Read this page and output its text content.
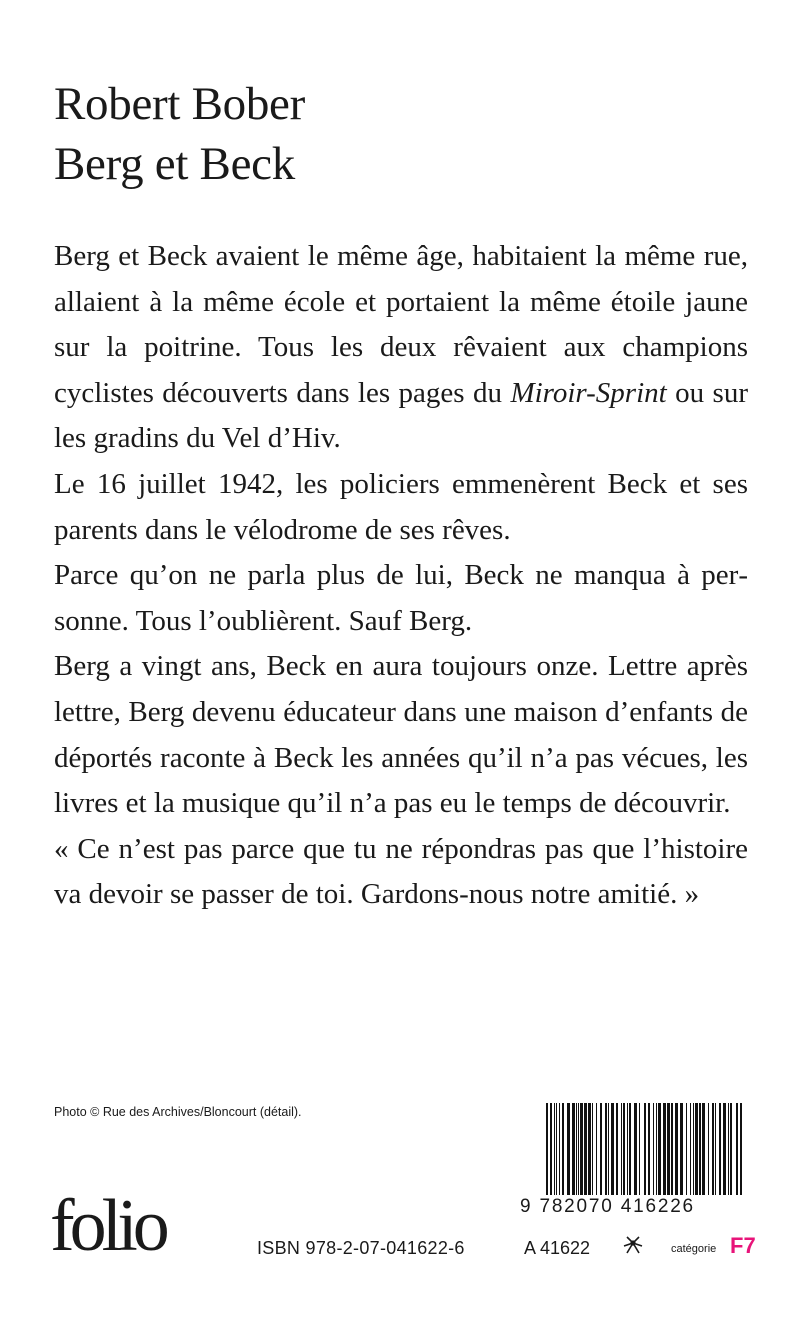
Robert Bober
Berg et Beck

Berg et Beck avaient le même âge, habitaient la même rue, allaient à la même école et portaient la même étoile jaune sur la poitrine. Tous les deux rêvaient aux champions cyclistes découverts dans les pages du Miroir-Sprint ou sur les gradins du Vel d’Hiv.

Le 16 juillet 1942, les policiers emmenèrent Beck et ses parents dans le vélodrome de ses rêves.

Parce qu’on ne parla plus de lui, Beck ne manqua à personne. Tous l’oublièrent. Sauf Berg.

Berg a vingt ans, Beck en aura toujours onze. Lettre après lettre, Berg devenu éducateur dans une maison d’enfants de déportés raconte à Beck les années qu’il n’a pas vécues, les livres et la musique qu’il n’a pas eu le temps de découvrir.

« Ce n’est pas parce que tu ne répondras pas que l’histoire va devoir se passer de toi. Gardons-nous notre amitié. »

Photo © Rue des Archives/Bloncourt (détail).
folio	ISBN 978-2-07-041622-6
9 782070 416226
A 41622	catégorie F7
